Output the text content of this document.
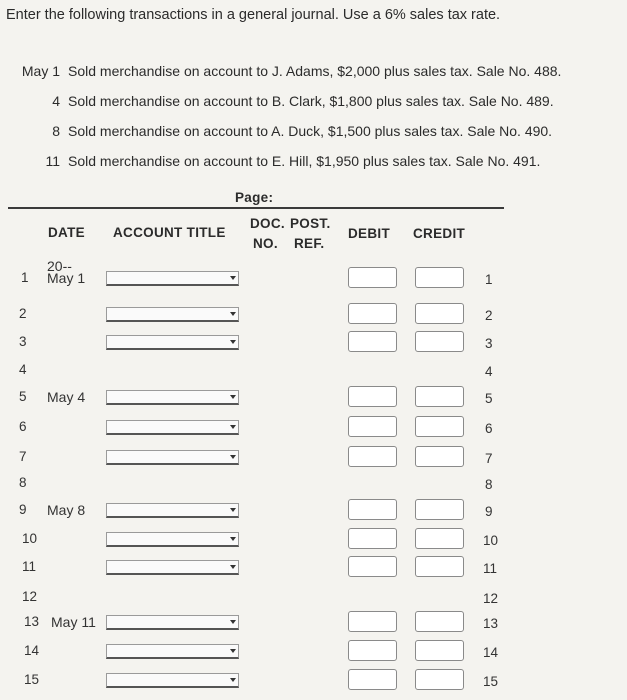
Enter the following transactions in a general journal. Use a 6% sales tax rate.
May 1 Sold merchandise on account to J. Adams, $2,000 plus sales tax. Sale No. 488.
4 Sold merchandise on account to B. Clark, $1,800 plus sales tax. Sale No. 489.
8 Sold merchandise on account to A. Duck, $1,500 plus sales tax. Sale No. 490.
11 Sold merchandise on account to E. Hill, $1,950 plus sales tax. Sale No. 491.
Page:
DATE ACCOUNT TITLE
DOC.
NO.
POST.
REF.
DEBIT CREDIT
20--
1 May 1	1
2	2
3	3
4	4
5 May 4	5
6	6
7	7
8	8
9 May 8	9
10	10
11	11
12	12
13 May 11	13
14	14
15	15
